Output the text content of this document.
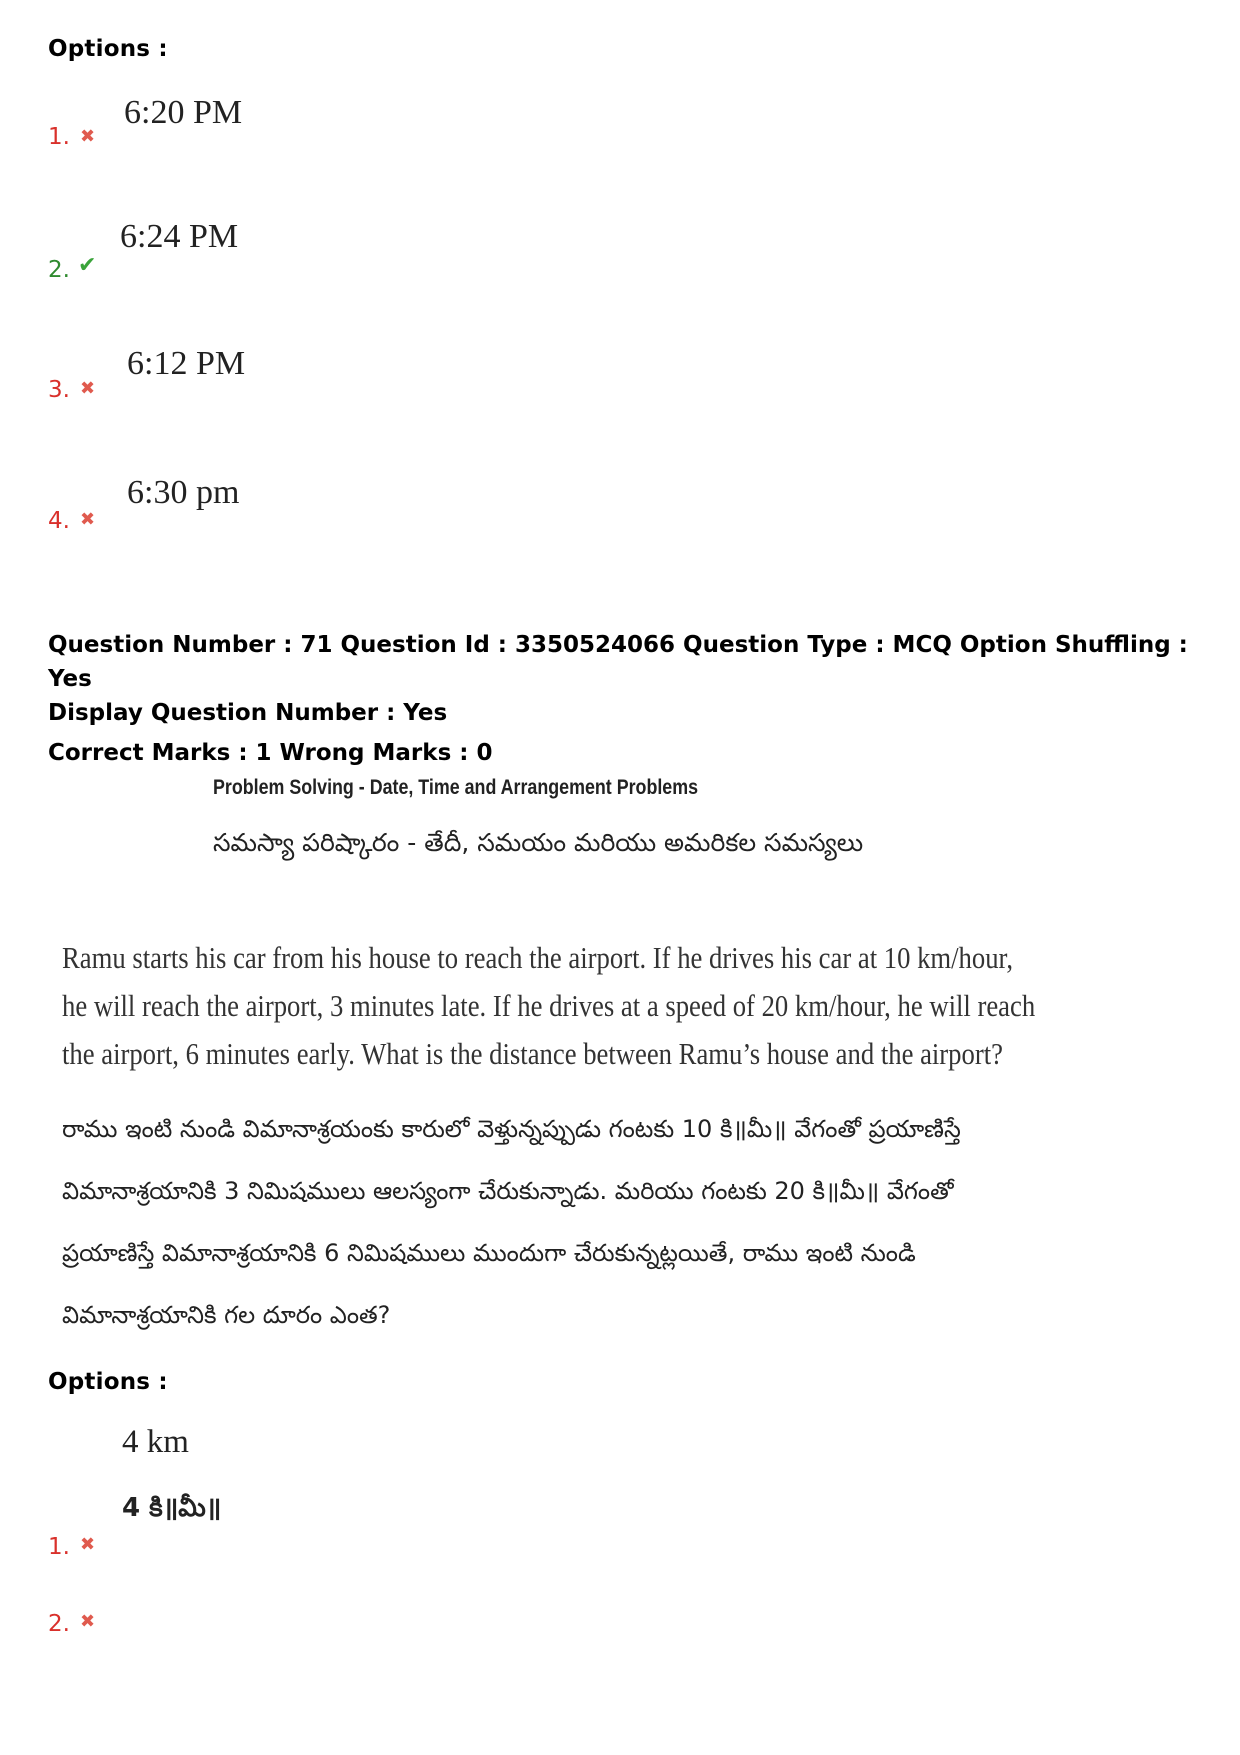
Options :
6:20 PM
1. ✖
6:24 PM
2. ✔
6:12 PM
3. ✖
6:30 pm
4. ✖
Question Number : 71 Question Id : 3350524066 Question Type : MCQ Option Shuffling : Yes
Display Question Number : Yes
Correct Marks : 1 Wrong Marks : 0
Problem Solving - Date, Time and Arrangement Problems
సమస్యా పరిష్కారం - తేదీ, సమయం మరియు అమరికల సమస్యలు
Ramu starts his car from his house to reach the airport. If he drives his car at 10 km/hour,
he will reach the airport, 3 minutes late. If he drives at a speed of 20 km/hour, he will reach
the airport, 6 minutes early. What is the distance between Ramu’s house and the airport?
రాము ఇంటి నుండి విమానాశ్రయంకు కారులో వెళ్తున్నప్పుడు గంటకు 10 కి॥మీ॥ వేగంతో ప్రయాణిస్తే
విమానాశ్రయానికి 3 నిమిషములు ఆలస్యంగా చేరుకున్నాడు. మరియు గంటకు 20 కి॥మీ॥ వేగంతో
ప్రయాణిస్తే విమానాశ్రయానికి 6 నిమిషములు ముందుగా చేరుకున్నట్లయితే, రాము ఇంటి నుండి
విమానాశ్రయానికి గల దూరం ఎంత?
Options :
4 km
4 కి॥మీ॥
1. ✖
2. ✖
